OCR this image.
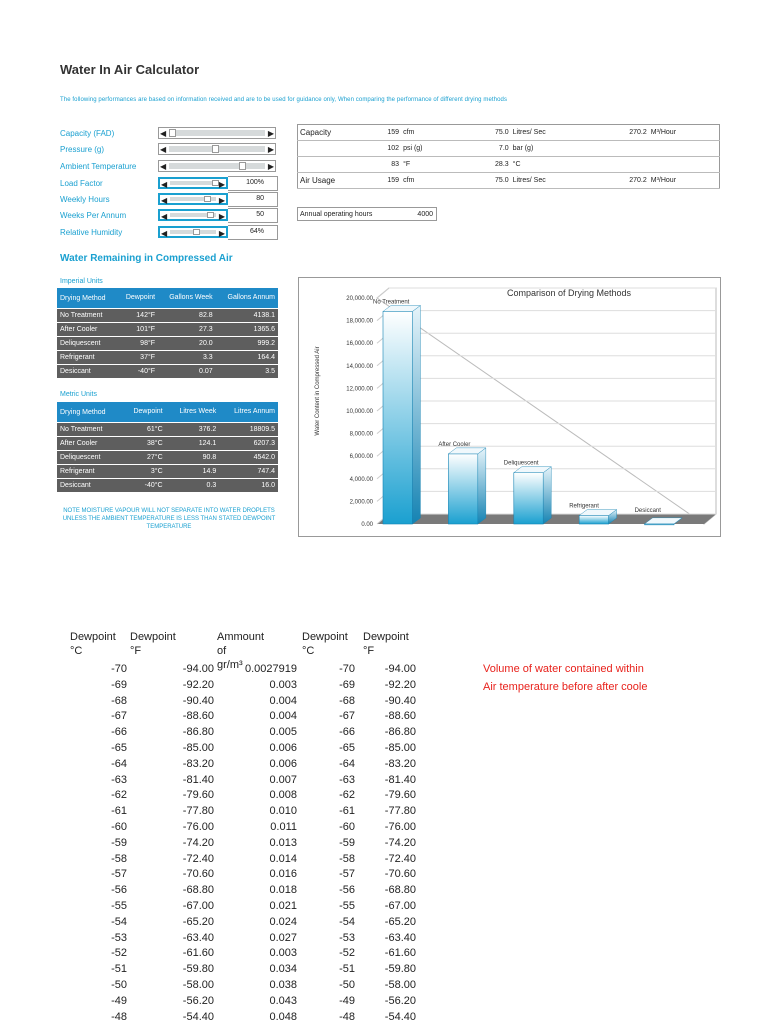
Water In Air Calculator
The following performances are based on information received and are to be used for guidance only, When comparing the performance of different drying methods
Capacity (FAD)	◀	▶
Pressure (g)	◀	▶
Ambient Temperature	◀	▶
Load Factor	◀	▶	100%
Weekly Hours	◀	▶	80
Weeks Per Annum	◀	▶	50
Relative Humidity	◀	▶	64%
Capacity	159	cfm	75.0	Litres/ Sec	270.2	M³/Hour
	102	psi (g)	7.0	bar (g)		
	83	°F	28.3	°C		
Air Usage	159	cfm	75.0	Litres/ Sec	270.2	M³/Hour
Annual operating hours	4000
Water Remaining in Compressed Air
Imperial Units
Drying Method	Dewpoint	Gallons Week	Gallons Annum
No Treatment	142°F	82.8	4138.1
After Cooler	101°F	27.3	1365.6
Deliquescent	98°F	20.0	999.2
Refrigerant	37°F	3.3	164.4
Desiccant	-40°F	0.07	3.5
Metric Units
Drying Method	Dewpoint	Litres Week	Litres Annum
No Treatment	61°C	376.2	18809.5
After Cooler	38°C	124.1	6207.3
Deliquescent	27°C	90.8	4542.0
Refrigerant	3°C	14.9	747.4
Desiccant	-40°C	0.3	16.0
NOTE MOISTURE VAPOUR WILL NOT SEPARATE INTO WATER DROPLETS UNLESS THE AMBIENT TEMPERATURE IS LESS THAN STATED DEWPOINT TEMPERATURE
Comparison of Drying Methods
Water Content in Compressed Air
0.00
2,000.00
4,000.00
6,000.00
8,000.00
10,000.00
12,000.00
14,000.00
16,000.00
18,000.00
20,000.00
No Treatment
After Cooler
Deliquescent
Refrigerant
Desiccant
Dewpoint
°C
Dewpoint
°F
Ammount of
gr/m³
Dewpoint
°C
Dewpoint
°F
-70	-94.00	0.0027919	-70	-94.00
-69	-92.20	0.003	-69	-92.20
-68	-90.40	0.004	-68	-90.40
-67	-88.60	0.004	-67	-88.60
-66	-86.80	0.005	-66	-86.80
-65	-85.00	0.006	-65	-85.00
-64	-83.20	0.006	-64	-83.20
-63	-81.40	0.007	-63	-81.40
-62	-79.60	0.008	-62	-79.60
-61	-77.80	0.010	-61	-77.80
-60	-76.00	0.011	-60	-76.00
-59	-74.20	0.013	-59	-74.20
-58	-72.40	0.014	-58	-72.40
-57	-70.60	0.016	-57	-70.60
-56	-68.80	0.018	-56	-68.80
-55	-67.00	0.021	-55	-67.00
-54	-65.20	0.024	-54	-65.20
-53	-63.40	0.027	-53	-63.40
-52	-61.60	0.003	-52	-61.60
-51	-59.80	0.034	-51	-59.80
-50	-58.00	0.038	-50	-58.00
-49	-56.20	0.043	-49	-56.20
-48	-54.40	0.048	-48	-54.40
Volume of water contained within
Air temperature before after coole
